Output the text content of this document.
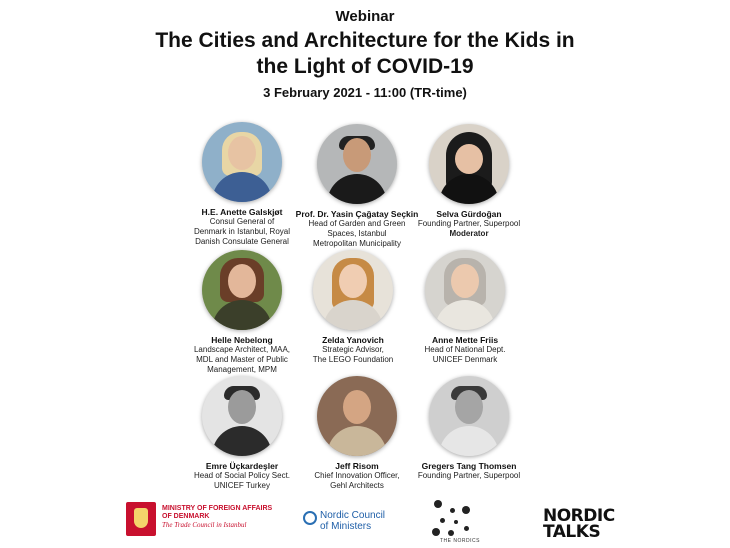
Webinar
The Cities and Architecture for the Kids in
the Light of COVID-19
3 February 2021 - 11:00 (TR-time)
H.E. Anette Galskjøt
Consul General of
Denmark in Istanbul, Royal
Danish Consulate General
Prof. Dr. Yasin Çağatay Seçkin
Head of Garden and Green
Spaces, Istanbul
Metropolitan Municipality
Selva Gürdoğan
Founding Partner, Superpool
Moderator
Helle Nebelong
Landscape Architect, MAA,
MDL and Master of Public
Management, MPM
Zelda Yanovich
Strategic Advisor,
The LEGO Foundation
Anne Mette Friis
Head of National Dept.
UNICEF Denmark
Emre Üçkardeşler
Head of Social Policy Sect.
UNICEF Turkey
Jeff Risom
Chief Innovation Officer,
Gehl Architects
Gregers Tang Thomsen
Founding Partner, Superpool
MINISTRY OF FOREIGN AFFAIRS
OF DENMARK
The Trade Council in Istanbul
Nordic Council
of Ministers
THE NORDICS
NORDIC
TALKS
